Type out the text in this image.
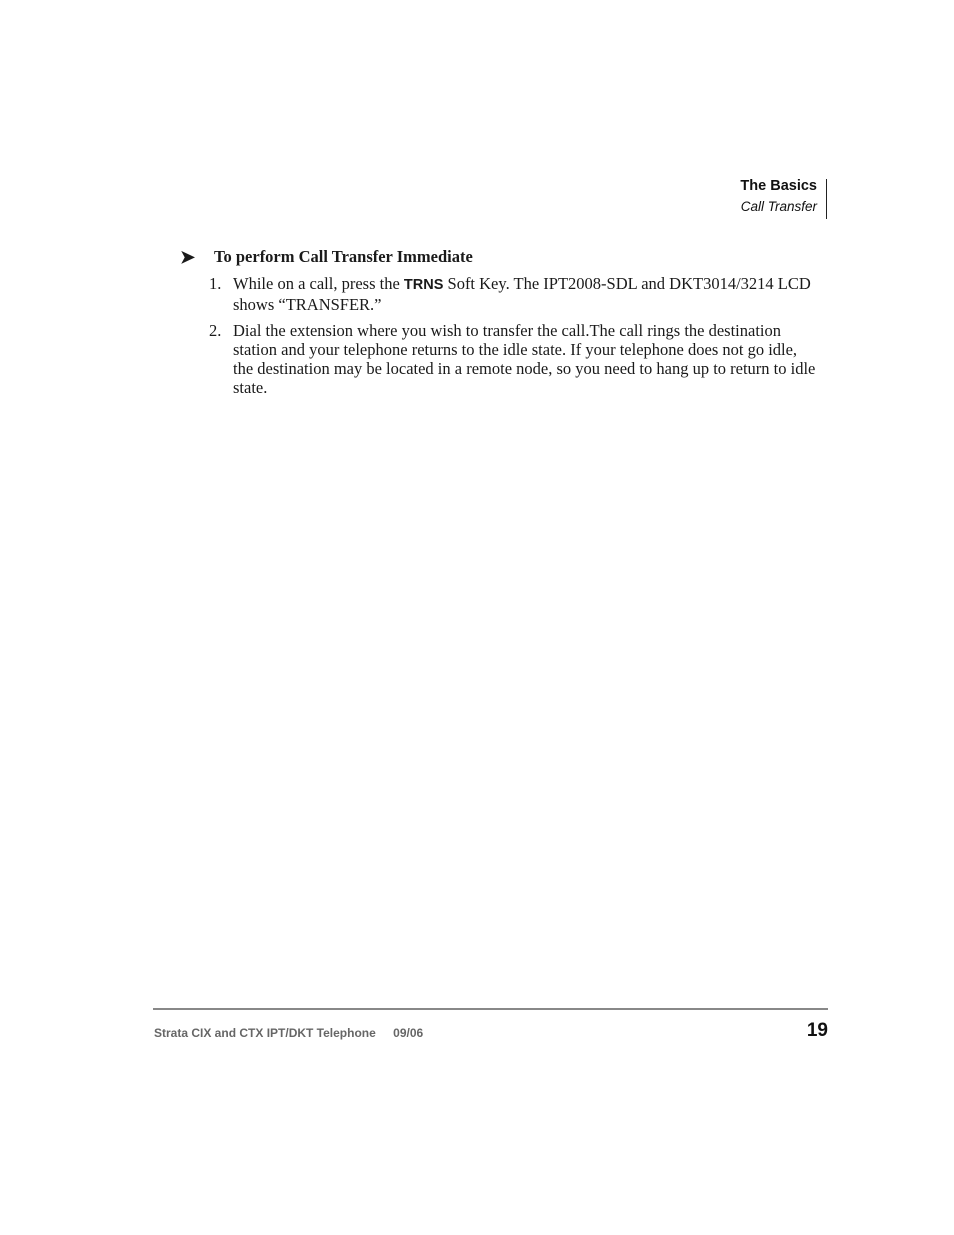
The Basics
Call Transfer
➤	To perform Call Transfer Immediate
1. While on a call, press the TRNS Soft Key. The IPT2008-SDL and DKT3014/3214 LCD shows “TRANSFER.”
2. Dial the extension where you wish to transfer the call.The call rings the destination station and your telephone returns to the idle state. If your telephone does not go idle, the destination may be located in a remote node, so you need to hang up to return to idle state.
Strata CIX and CTX IPT/DKT Telephone 09/06	19
